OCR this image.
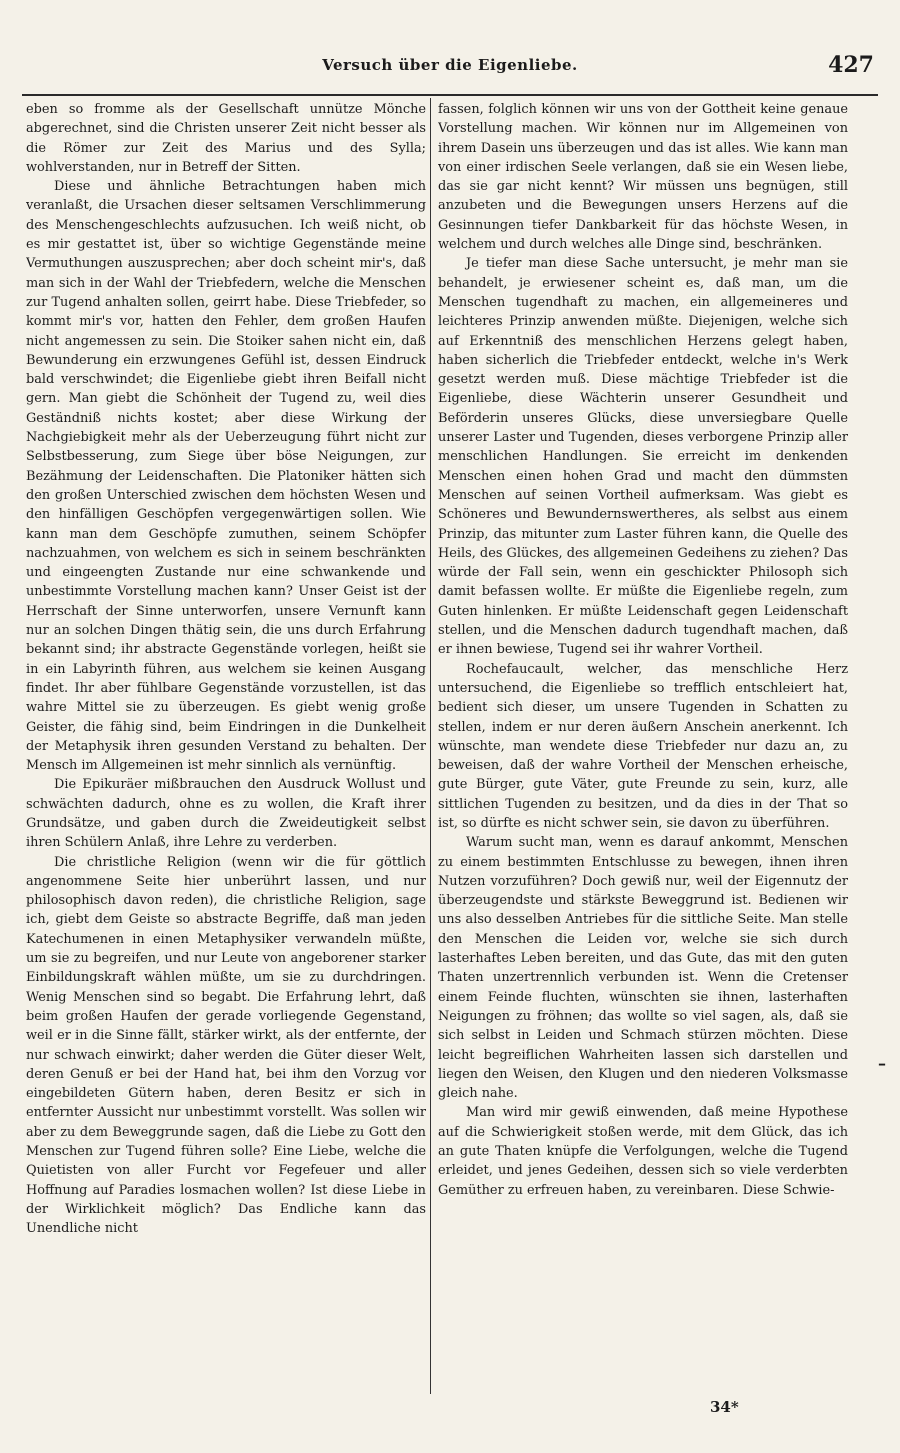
Versuch über die Eigenliebe.	427

eben so fromme als der Gesellschaft unnütze Mönche abgerechnet, sind die Christen unserer Zeit nicht besser als die Römer zur Zeit des Marius und des Sylla; wohlverstanden, nur in Betreff der Sitten.

Diese und ähnliche Betrachtungen haben mich veranlaßt, die Ursachen dieser seltsamen Verschlimmerung des Menschengeschlechts aufzusuchen. Ich weiß nicht, ob es mir gestattet ist, über so wichtige Gegenstände meine Vermuthungen auszusprechen; aber doch scheint mir's, daß man sich in der Wahl der Triebfedern, welche die Menschen zur Tugend anhalten sollen, geirrt habe. Diese Triebfeder, so kommt mir's vor, hatten den Fehler, dem großen Haufen nicht angemessen zu sein. Die Stoiker sahen nicht ein, daß Bewunderung ein erzwungenes Gefühl ist, dessen Eindruck bald verschwindet; die Eigenliebe giebt ihren Beifall nicht gern. Man giebt die Schönheit der Tugend zu, weil dies Geständniß nichts kostet; aber diese Wirkung der Nachgiebigkeit mehr als der Ueberzeugung führt nicht zur Selbstbesserung, zum Siege über böse Neigungen, zur Bezähmung der Leidenschaften. Die Platoniker hätten sich den großen Unterschied zwischen dem höchsten Wesen und den hinfälligen Geschöpfen vergegenwärtigen sollen. Wie kann man dem Geschöpfe zumuthen, seinem Schöpfer nachzuahmen, von welchem es sich in seinem beschränkten und eingeengten Zustande nur eine schwankende und unbestimmte Vorstellung machen kann? Unser Geist ist der Herrschaft der Sinne unterworfen, unsere Vernunft kann nur an solchen Dingen thätig sein, die uns durch Erfahrung bekannt sind; ihr abstracte Gegenstände vorlegen, heißt sie in ein Labyrinth führen, aus welchem sie keinen Ausgang findet. Ihr aber fühlbare Gegenstände vorzustellen, ist das wahre Mittel sie zu überzeugen. Es giebt wenig große Geister, die fähig sind, beim Eindringen in die Dunkelheit der Metaphysik ihren gesunden Verstand zu behalten. Der Mensch im Allgemeinen ist mehr sinnlich als vernünftig.

Die Epikuräer mißbrauchen den Ausdruck Wollust und schwächten dadurch, ohne es zu wollen, die Kraft ihrer Grundsätze, und gaben durch die Zweideutigkeit selbst ihren Schülern Anlaß, ihre Lehre zu verderben.

Die christliche Religion (wenn wir die für göttlich angenommene Seite hier unberührt lassen, und nur philosophisch davon reden), die christliche Religion, sage ich, giebt dem Geiste so abstracte Begriffe, daß man jeden Katechumenen in einen Metaphysiker verwandeln müßte, um sie zu begreifen, und nur Leute von angeborener starker Einbildungskraft wählen müßte, um sie zu durchdringen. Wenig Menschen sind so begabt. Die Erfahrung lehrt, daß beim großen Haufen der gerade vorliegende Gegenstand, weil er in die Sinne fällt, stärker wirkt, als der entfernte, der nur schwach einwirkt; daher werden die Güter dieser Welt, deren Genuß er bei der Hand hat, bei ihm den Vorzug vor eingebildeten Gütern haben, deren Besitz er sich in entfernter Aussicht nur unbestimmt vorstellt. Was sollen wir aber zu dem Beweggrunde sagen, daß die Liebe zu Gott den Menschen zur Tugend führen solle? Eine Liebe, welche die Quietisten von aller Furcht vor Fegefeuer und aller Hoffnung auf Paradies losmachen wollen? Ist diese Liebe in der Wirklichkeit möglich? Das Endliche kann das Unendliche nicht

fassen, folglich können wir uns von der Gottheit keine genaue Vorstellung machen. Wir können nur im Allgemeinen von ihrem Dasein uns überzeugen und das ist alles. Wie kann man von einer irdischen Seele verlangen, daß sie ein Wesen liebe, das sie gar nicht kennt? Wir müssen uns begnügen, still anzubeten und die Bewegungen unsers Herzens auf die Gesinnungen tiefer Dankbarkeit für das höchste Wesen, in welchem und durch welches alle Dinge sind, beschränken.

Je tiefer man diese Sache untersucht, je mehr man sie behandelt, je erwiesener scheint es, daß man, um die Menschen tugendhaft zu machen, ein allgemeineres und leichteres Prinzip anwenden müßte. Diejenigen, welche sich auf Erkenntniß des menschlichen Herzens gelegt haben, haben sicherlich die Triebfeder entdeckt, welche in's Werk gesetzt werden muß. Diese mächtige Triebfeder ist die Eigenliebe, diese Wächterin unserer Gesundheit und Beförderin unseres Glücks, diese unversiegbare Quelle unserer Laster und Tugenden, dieses verborgene Prinzip aller menschlichen Handlungen. Sie erreicht im denkenden Menschen einen hohen Grad und macht den dümmsten Menschen auf seinen Vortheil aufmerksam. Was giebt es Schöneres und Bewundernswertheres, als selbst aus einem Prinzip, das mitunter zum Laster führen kann, die Quelle des Heils, des Glückes, des allgemeinen Gedeihens zu ziehen? Das würde der Fall sein, wenn ein geschickter Philosoph sich damit befassen wollte. Er müßte die Eigenliebe regeln, zum Guten hinlenken. Er müßte Leidenschaft gegen Leidenschaft stellen, und die Menschen dadurch tugendhaft machen, daß er ihnen bewiese, Tugend sei ihr wahrer Vortheil.

Rochefaucault, welcher, das menschliche Herz untersuchend, die Eigenliebe so trefflich entschleiert hat, bedient sich dieser, um unsere Tugenden in Schatten zu stellen, indem er nur deren äußern Anschein anerkennt. Ich wünschte, man wendete diese Triebfeder nur dazu an, zu beweisen, daß der wahre Vortheil der Menschen erheische, gute Bürger, gute Väter, gute Freunde zu sein, kurz, alle sittlichen Tugenden zu besitzen, und da dies in der That so ist, so dürfte es nicht schwer sein, sie davon zu überführen.

Warum sucht man, wenn es darauf ankommt, Menschen zu einem bestimmten Entschlusse zu bewegen, ihnen ihren Nutzen vorzuführen? Doch gewiß nur, weil der Eigennutz der überzeugendste und stärkste Beweggrund ist. Bedienen wir uns also desselben Antriebes für die sittliche Seite. Man stelle den Menschen die Leiden vor, welche sie sich durch lasterhaftes Leben bereiten, und das Gute, das mit den guten Thaten unzertrennlich verbunden ist. Wenn die Cretenser einem Feinde fluchten, wünschten sie ihnen, lasterhaften Neigungen zu fröhnen; das wollte so viel sagen, als, daß sie sich selbst in Leiden und Schmach stürzen möchten. Diese leicht begreiflichen Wahrheiten lassen sich darstellen und liegen den Weisen, den Klugen und den niederen Volksmasse gleich nahe.

Man wird mir gewiß einwenden, daß meine Hypothese auf die Schwierigkeit stoßen werde, mit dem Glück, das ich an gute Thaten knüpfe die Verfolgungen, welche die Tugend erleidet, und jenes Gedeihen, dessen sich so viele verderbten Gemüther zu erfreuen haben, zu vereinbaren. Diese Schwie-

34*
–
